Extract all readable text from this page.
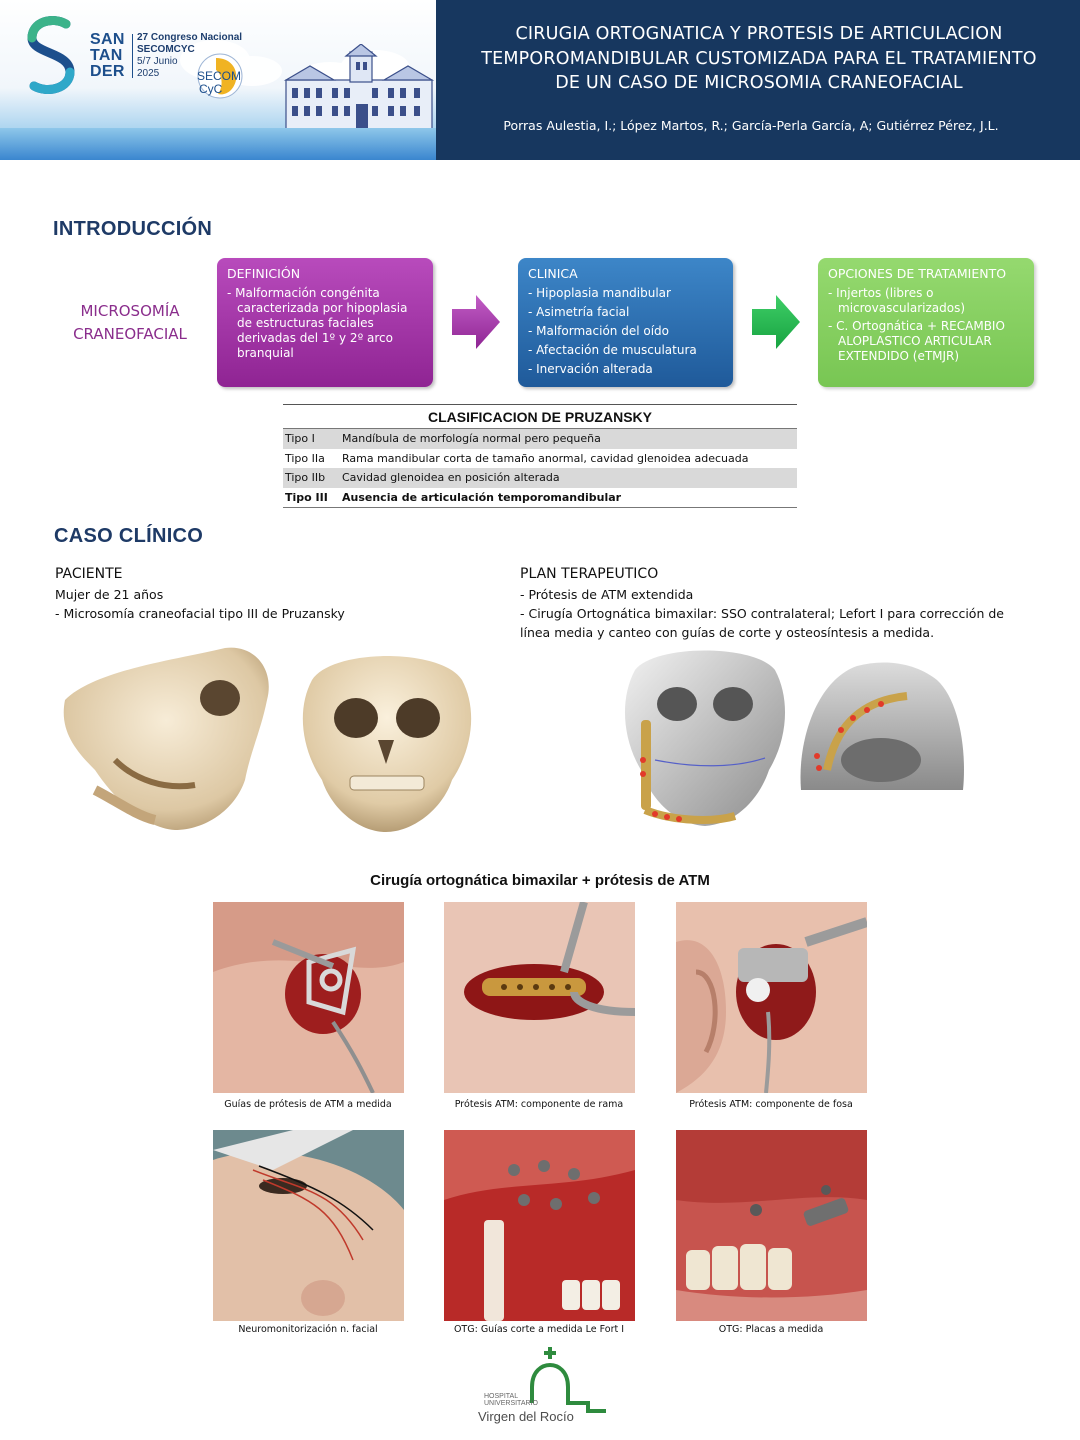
SAN
TAN
DER
27 Congreso Nacional
SECOMCYC
5/7 Junio
2025	SECOM
CyC
CIRUGIA ORTOGNATICA Y PROTESIS DE ARTICULACION TEMPOROMANDIBULAR CUSTOMIZADA PARA EL TRATAMIENTO DE UN CASO DE MICROSOMIA CRANEOFACIAL
Porras Aulestia, I.; López Martos, R.; García-Perla García, A; Gutiérrez Pérez, J.L.
INTRODUCCIÓN
MICROSOMÍA
CRANEOFACIAL
DEFINICIÓN
- Malformación congénita caracterizada por hipoplasia de estructuras faciales derivadas del 1º y 2º arco branquial
CLINICA
- Hipoplasia mandibular
- Asimetría facial
- Malformación del oído
- Afectación de musculatura
- Inervación alterada
OPCIONES DE TRATAMIENTO
- Injertos (libres o microvascularizados)
- C. Ortognática + RECAMBIO ALOPLASTICO ARTICULAR EXTENDIDO (eTMJR)
CLASIFICACION DE PRUZANSKY
Tipo I	Mandíbula de morfología normal pero pequeña
Tipo IIa	Rama mandibular corta de tamaño anormal, cavidad glenoidea adecuada
Tipo IIb	Cavidad glenoidea en posición alterada
Tipo III	Ausencia de articulación temporomandibular
CASO CLÍNICO
PACIENTE
Mujer de 21 años
- Microsomía craneofacial tipo III de Pruzansky
PLAN TERAPEUTICO
- Prótesis de ATM extendida
- Cirugía Ortognática bimaxilar: SSO contralateral; Lefort I para corrección de línea media y canteo con guías de corte y osteosíntesis a medida.
Cirugía ortognática bimaxilar + prótesis de ATM
Guías de prótesis de ATM a medida	Prótesis ATM: componente de rama	Prótesis ATM: componente de fosa
Neuromonitorización n. facial	OTG: Guías corte a medida Le Fort I	OTG: Placas a medida
HOSPITAL
UNIVERSITARIO
Virgen del Rocío
